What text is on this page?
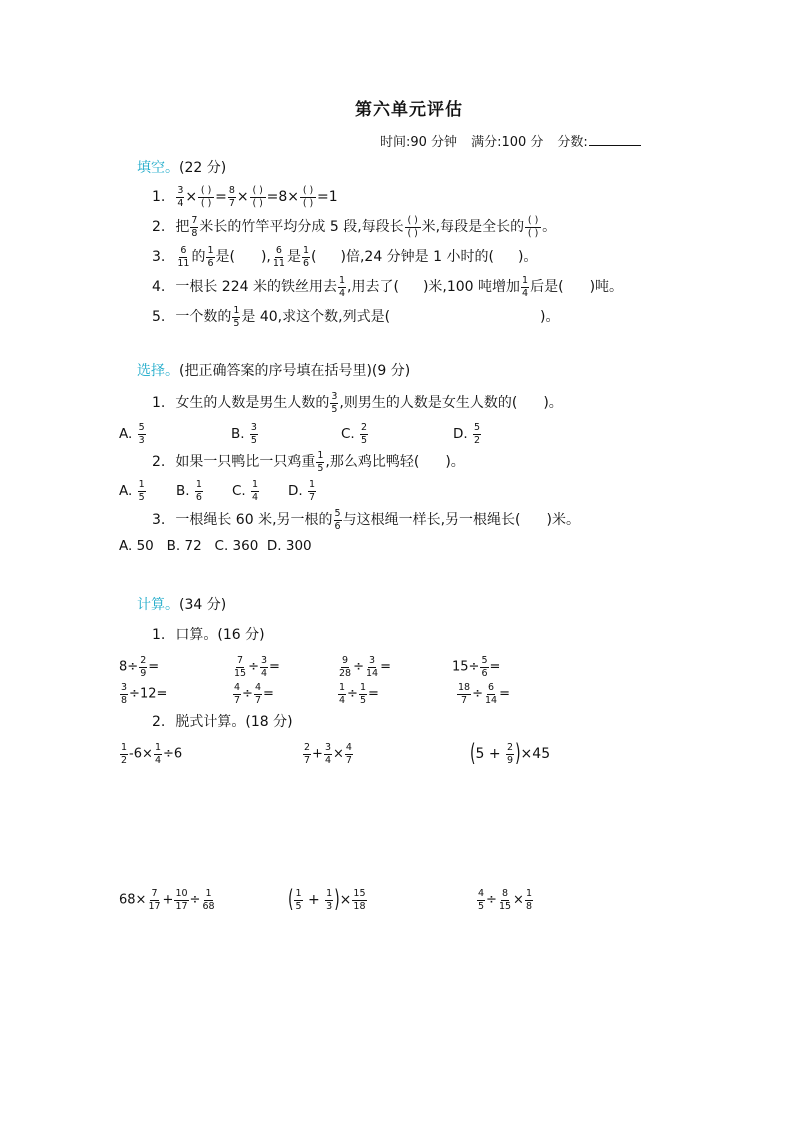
第六单元评估
时间:90 分钟 满分:100 分 分数:
填空。(22 分)
1. $\frac{3}{4}$ × ( )
( ) = $\frac{8}{7}$ × ( )
( ) =8× ( )
( ) =1
2. 把 $\frac{7}{8}$ 米长的竹竿平均分成 5 段,每段长 ( )
( ) 米,每段是全长的 ( )
( ) 。
3. $\frac{6}{11}$ 的 $\frac{1}{6}$ 是( ), $\frac{6}{11}$ 是 $\frac{1}{6}$ ( )倍,24 分钟是 1 小时的( )。
4. 一根长 224 米的铁丝用去 $\frac{1}{4}$ ,用去了( )米,100 吨增加 $\frac{1}{4}$ 后是( )吨。
5. 一个数的 $\frac{1}{5}$ 是 40,求这个数,列式是(	)。
选择。(把正确答案的序号填在括号里)(9 分)
1. 女生的人数是男生人数的 $\frac{3}{5}$ ,则男生的人数是女生人数的( )。
A. $\frac{5}{3}$	B. $\frac{3}{5}$	C. $\frac{2}{5}$	D. $\frac{5}{2}$
2. 如果一只鸭比一只鸡重 $\frac{1}{5}$ ,那么鸡比鸭轻( )。
A. $\frac{1}{5} B$. $\frac{1}{6} C$. $\frac{1}{4} D$. $\frac{1}{7}$
3. 一根绳长 60 米,另一根的 $\frac{5}{6}$ 与这根绳一样长,另一根绳长( )米。
A. 50   B. 72   C. 360  D. 300
计算。(34 分)
1. 口算。(16 分)
$8\div \frac{2}{9}$ =	$\frac{7}{15} \div \frac{3}{4}$ =	$\frac{9}{28} \div \frac{3}{14}$ =	$15\div \frac{5}{6}$ =
$\frac{3}{8} \div 12=$	$\frac{4}{7} \div \frac{4}{7}$ =	$\frac{1}{4} \div \frac{1}{5}$ =	$\frac{18}{7} \div \frac{6}{14}$ =
2. 脱式计算。(18 分)
$\frac{1}{2} -6\times \frac{1}{4} \div 6$	$\frac{2}{7} + \frac{3}{4} \times \frac{4}{7}$	$(5 + \frac{2}{9} )\times 45$
$68\times \frac{7}{17} + \frac{10}{17} \div \frac{1}{68}$	( $\frac{1}{5} + \frac{1}{3}$ )× $\frac{15}{18}$	$\frac{4}{5} \div \frac{8}{15} \times \frac{1}{8}$
